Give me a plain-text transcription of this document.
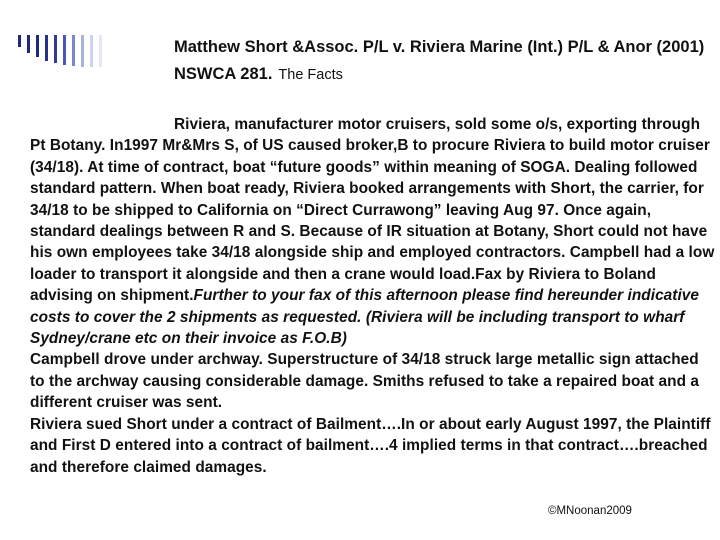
Matthew Short &Assoc. P/L v. Riviera Marine (Int.) P/L & Anor (2001) NSWCA 281. The Facts

Riviera, manufacturer motor cruisers, sold some o/s, exporting through Pt Botany. In1997 Mr&Mrs S, of US caused broker,B to procure Riviera to build motor cruiser (34/18). At time of contract, boat “future goods” within meaning of SOGA. Dealing followed standard pattern. When boat ready, Riviera booked arrangements with Short, the carrier, for 34/18 to be shipped to California on “Direct Currawong” leaving Aug 97. Once again, standard dealings between R and S. Because of IR situation at Botany, Short could not have his own employees take 34/18 alongside ship and employed contractors. Campbell had a low loader to transport it alongside and then a crane would load.Fax by Riviera to Boland advising on shipment.Further to your fax of this afternoon please find hereunder indicative costs to cover the 2 shipments as requested. (Riviera will be including transport to wharf Sydney/crane etc on their invoice as F.O.B)

Campbell drove under archway. Superstructure of 34/18 struck large metallic sign attached to the archway causing considerable damage. Smiths refused to take a repaired boat and a different cruiser was sent.

Riviera sued Short under a contract of Bailment….In or about early August 1997, the Plaintiff and First D entered into a contract of bailment….4 implied terms in that contract….breached and therefore claimed damages.

©MNoonan2009
